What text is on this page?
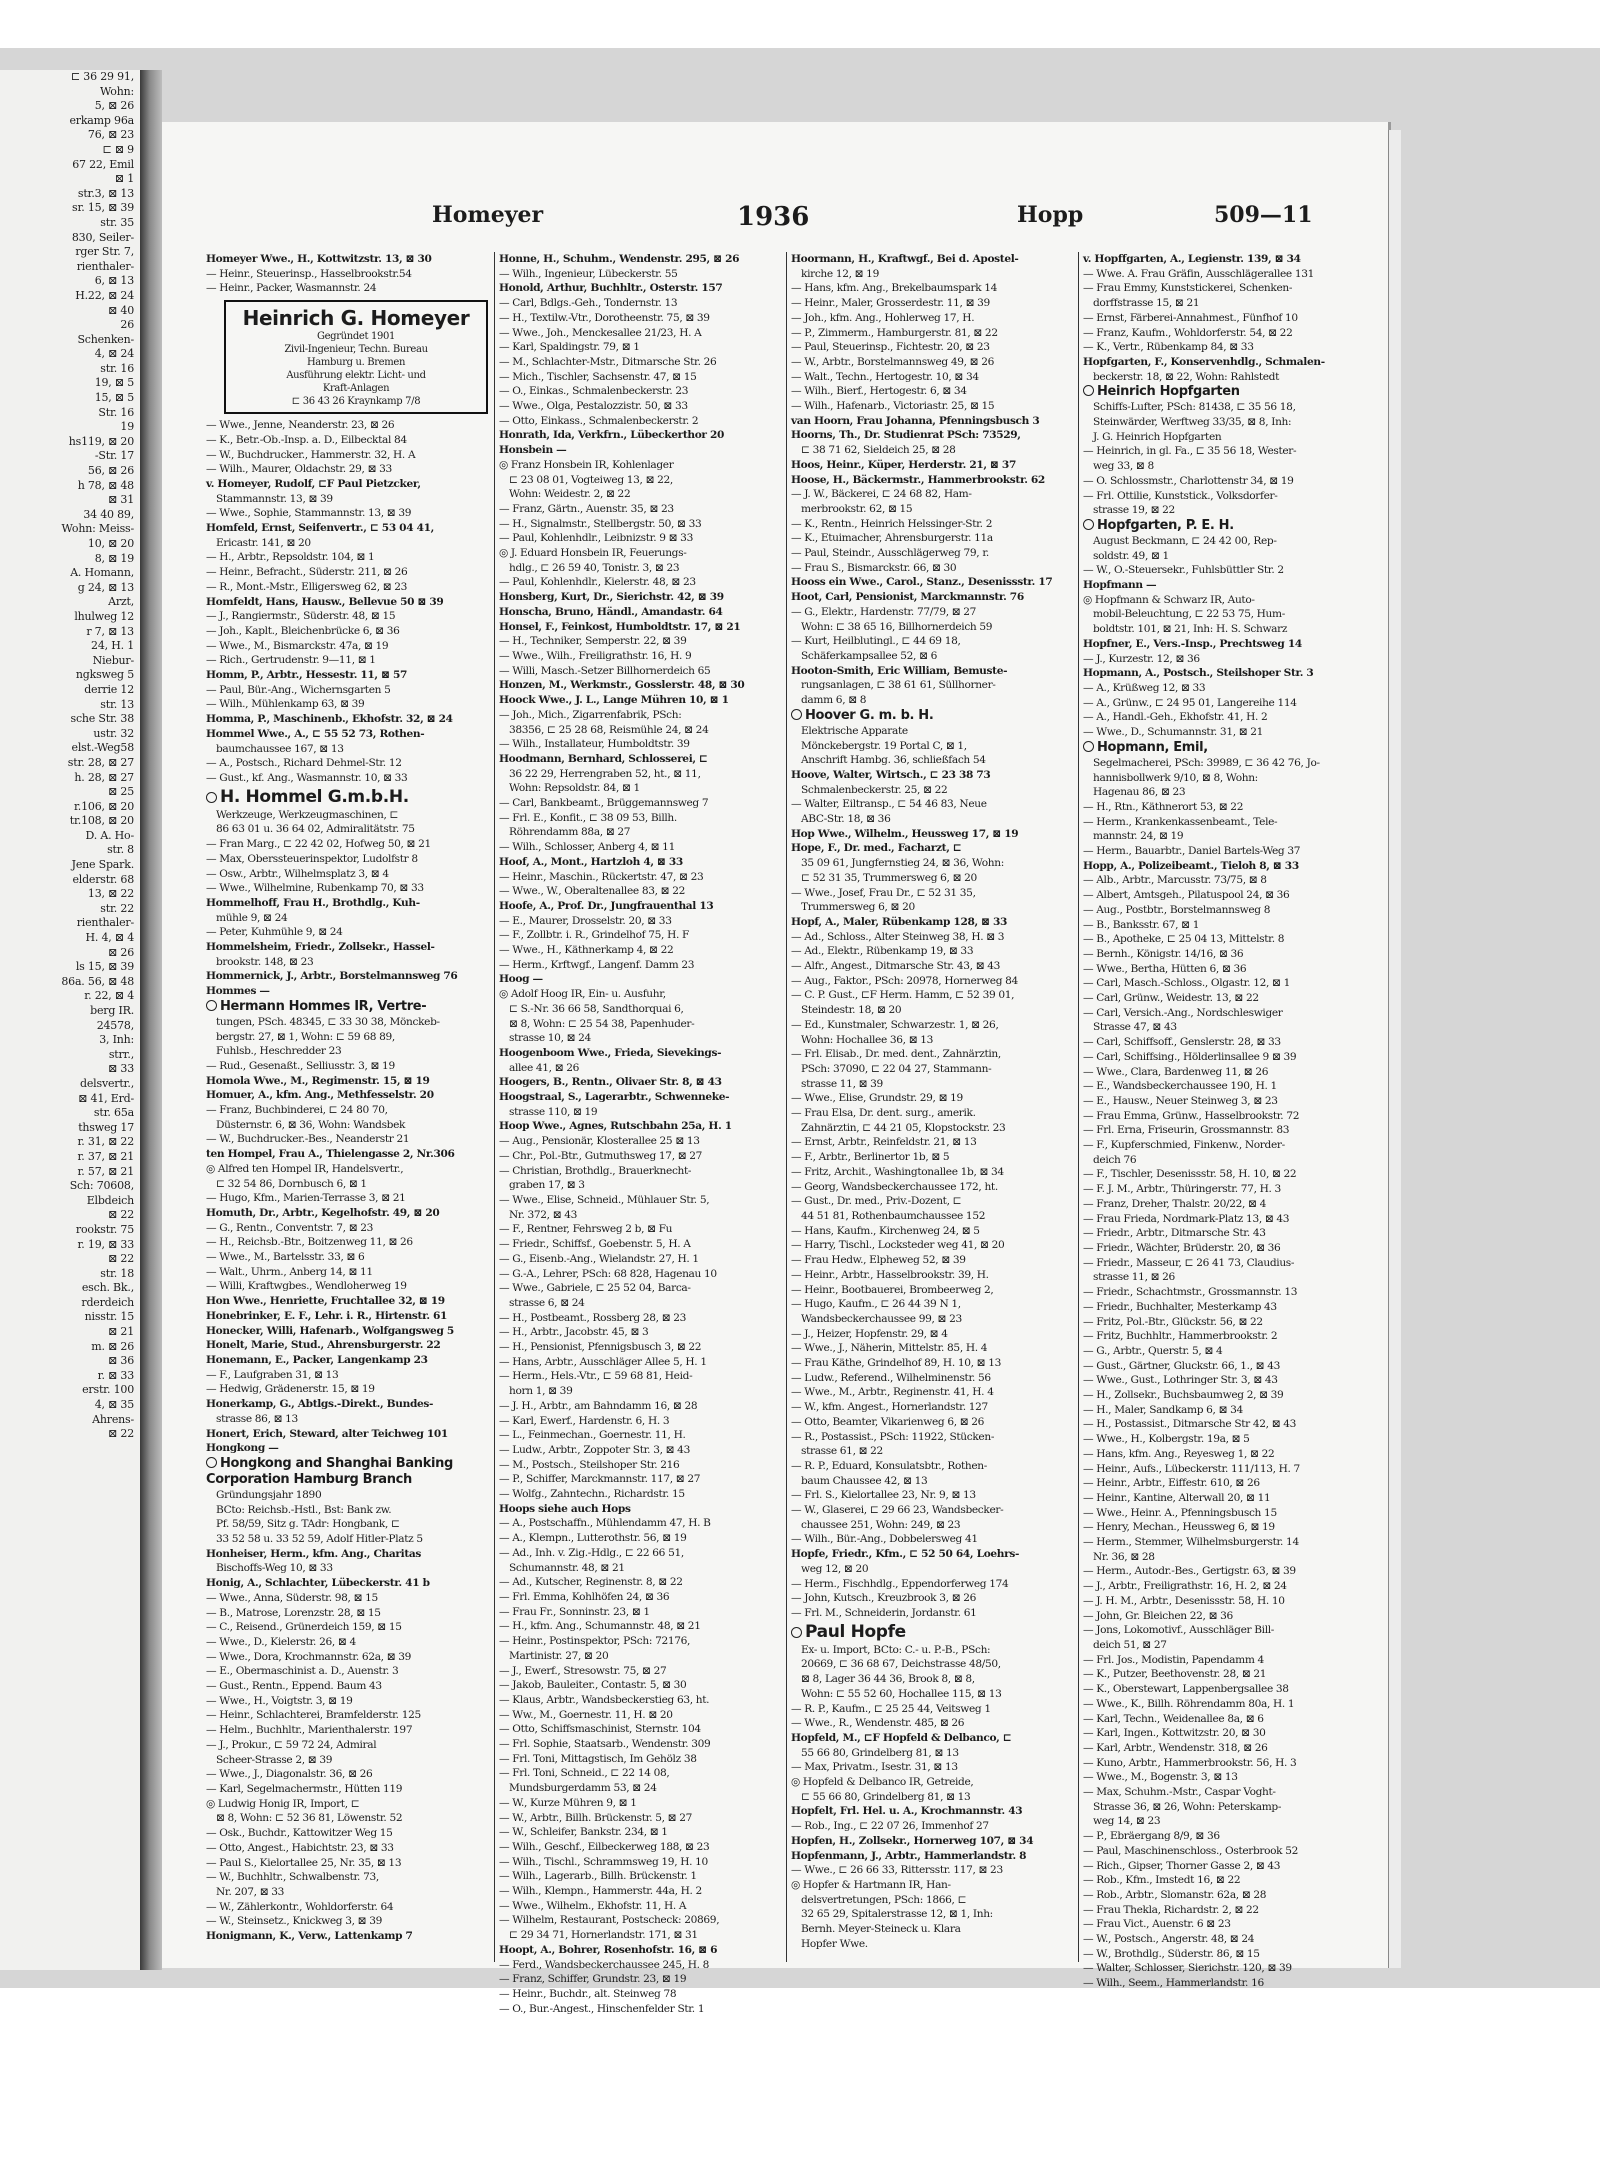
⊏ 36 29 91,
Wohn:
5, ⊠ 26
erkamp 96a
76, ⊠ 23
⊏ ⊠ 9
67 22, Emil
⊠ 1
str.3, ⊠ 13
sr. 15, ⊠ 39
str. 35
830, Seiler-
rger Str. 7,
rienthaler-
6, ⊠ 13
H.22, ⊠ 24
⊠ 40
26
Schenken-
4, ⊠ 24
str. 16
19, ⊠ 5
15, ⊠ 5
Str. 16
19
hs119, ⊠ 20
-Str. 17
56, ⊠ 26
h 78, ⊠ 48
⊠ 31
34 40 89,
Wohn: Meiss-
10, ⊠ 20
8, ⊠ 19
A. Homann,
g 24, ⊠ 13
Arzt,
lhulweg 12
r 7, ⊠ 13
24, H. 1
Niebur-
ngksweg 5
derrie 12
str. 13
sche Str. 38
ustr. 32
elst.-Weg58
str. 28, ⊠ 27
h. 28, ⊠ 27
⊠ 25
r.106, ⊠ 20
tr.108, ⊠ 20
D. A. Ho-
str. 8
Jene Spark.
elderstr. 68
13, ⊠ 22
str. 22
rienthaler-
H. 4, ⊠ 4
⊠ 26
ls 15, ⊠ 39
86a. 56, ⊠ 48
r. 22, ⊠ 4
berg IR.
24578,
3, Inh:
strr.,
⊠ 33
delsvertr.,
⊠ 41, Erd-
str. 65a
thsweg 17
r. 31, ⊠ 22
r. 37, ⊠ 21
r. 57, ⊠ 21
Sch: 70608,
Elbdeich
⊠ 22
rookstr. 75
r. 19, ⊠ 33
⊠ 22
str. 18
esch. Bk.,
rderdeich
nisstr. 15
⊠ 21
m. ⊠ 26
⊠ 36
r. ⊠ 33
erstr. 100
4, ⊠ 35
Ahrens-
⊠ 22
Homeyer	1936	Hopp	509—11
Homeyer Wwe., H., Kottwitzstr. 13, ⊠ 30
— Heinr., Steuerinsp., Hasselbrookstr.54
— Heinr., Packer, Wasmannstr. 24
Heinrich G. Homeyer
Gegründet 1901
Zivil-Ingenieur, Techn. Bureau
Hamburg u. Bremen
Ausführung elektr. Licht- und
Kraft-Anlagen
⊏ 36 43 26 Kraynkamp 7/8
— Wwe., Jenne, Neanderstr. 23, ⊠ 26
— K., Betr.-Ob.-Insp. a. D., Eilbecktal 84
— W., Buchdrucker., Hammerstr. 32, H. A
— Wilh., Maurer, Oldachstr. 29, ⊠ 33
v. Homeyer, Rudolf, ⊏F Paul Pietzcker,
Stammannstr. 13, ⊠ 39
— Wwe., Sophie, Stammannstr. 13, ⊠ 39
Homfeld, Ernst, Seifenvertr., ⊏ 53 04 41,
Ericastr. 141, ⊠ 20
— H., Arbtr., Repsoldstr. 104, ⊠ 1
— Heinr., Befracht., Süderstr. 211, ⊠ 26
— R., Mont.-Mstr., Elligersweg 62, ⊠ 23
Homfeldt, Hans, Hausw., Bellevue 50 ⊠ 39
— J., Rangiermstr., Süderstr. 48, ⊠ 15
— Joh., Kaplt., Bleichenbrücke 6, ⊠ 36
— Wwe., M., Bismarckstr. 47a, ⊠ 19
— Rich., Gertrudenstr. 9—11, ⊠ 1
Homm, P., Arbtr., Hessestr. 11, ⊠ 57
— Paul, Bür.-Ang., Wichernsgarten 5
— Wilh., Mühlenkamp 63, ⊠ 39
Homma, P., Maschinenb., Ekhofstr. 32, ⊠ 24
Hommel Wwe., A., ⊏ 55 52 73, Rothen-
baumchaussee 167, ⊠ 13
— A., Postsch., Richard Dehmel-Str. 12
— Gust., kf. Ang., Wasmannstr. 10, ⊠ 33
H. Hommel G.m.b.H.
Werkzeuge, Werkzeugmaschinen, ⊏
86 63 01 u. 36 64 02, Admiralitätstr. 75
— Fran Marg., ⊏ 22 42 02, Hofweg 50, ⊠ 21
— Max, Oberssteuerinspektor, Ludolfstr 8
— Osw., Arbtr., Wilhelmsplatz 3, ⊠ 4
— Wwe., Wilhelmine, Rubenkamp 70, ⊠ 33
Hommelhoff, Frau H., Brothdlg., Kuh-
mühle 9, ⊠ 24
— Peter, Kuhmühle 9, ⊠ 24
Hommelsheim, Friedr., Zollsekr., Hassel-
brookstr. 148, ⊠ 23
Hommernick, J., Arbtr., Borstelmannsweg 76
Hommes —
Hermann Hommes IR, Vertre-
tungen, PSch. 48345, ⊏ 33 30 38, Mönckeb-
bergstr. 27, ⊠ 1, Wohn: ⊏ 59 68 89,
Fuhlsb., Heschredder 23
— Rud., Gesenaßt., Selliusstr. 3, ⊠ 19
Homola Wwe., M., Regimenstr. 15, ⊠ 19
Homuer, A., kfm. Ang., Methfesselstr. 20
— Franz, Buchbinderei, ⊏ 24 80 70,
Düsternstr. 6, ⊠ 36, Wohn: Wandsbek
— W., Buchdrucker.-Bes., Neanderstr 21
ten Hompel, Frau A., Thielengasse 2, Nr.306
◎ Alfred ten Hompel IR, Handelsvertr.,
⊏ 32 54 86, Dornbusch 6, ⊠ 1
— Hugo, Kfm., Marien-Terrasse 3, ⊠ 21
Homuth, Dr., Arbtr., Kegelhofstr. 49, ⊠ 20
— G., Rentn., Conventstr. 7, ⊠ 23
— H., Reichsb.-Btr., Boitzenweg 11, ⊠ 26
— Wwe., M., Bartelsstr. 33, ⊠ 6
— Walt., Uhrm., Anberg 14, ⊠ 11
— Willi, Kraftwgbes., Wendloherweg 19
Hon Wwe., Henriette, Fruchtallee 32, ⊠ 19
Honebrinker, E. F., Lehr. i. R., Hirtenstr. 61
Honecker, Willi, Hafenarb., Wolfgangsweg 5
Honelt, Marie, Stud., Ahrensburgerstr. 22
Honemann, E., Packer, Langenkamp 23
— F., Laufgraben 31, ⊠ 13
— Hedwig, Grädenerstr. 15, ⊠ 19
Honerkamp, G., Abtlgs.-Direkt., Bundes-
strasse 86, ⊠ 13
Honert, Erich, Steward, alter Teichweg 101
Hongkong —
Hongkong and Shanghai Banking Corporation Hamburg Branch
Gründungsjahr 1890
BCto: Reichsb.-Hstl., Bst: Bank zw.
Pf. 58/59, Sitz g. TAdr: Hongbank, ⊏
33 52 58 u. 33 52 59, Adolf Hitler-Platz 5
Honheiser, Herm., kfm. Ang., Charitas
Bischoffs-Weg 10, ⊠ 33
Honig, A., Schlachter, Lübeckerstr. 41 b
— Wwe., Anna, Süderstr. 98, ⊠ 15
— B., Matrose, Lorenzstr. 28, ⊠ 15
— C., Reisend., Grünerdeich 159, ⊠ 15
— Wwe., D., Kielerstr. 26, ⊠ 4
— Wwe., Dora, Krochmannstr. 62a, ⊠ 39
— E., Obermaschinist a. D., Auenstr. 3
— Gust., Rentn., Eppend. Baum 43
— Wwe., H., Voigtstr. 3, ⊠ 19
— Heinr., Schlachterei, Bramfelderstr. 125
— Helm., Buchhltr., Marienthalerstr. 197
— J., Prokur., ⊏ 59 72 24, Admiral
Scheer-Strasse 2, ⊠ 39
— Wwe., J., Diagonalstr. 36, ⊠ 26
— Karl, Segelmachermstr., Hütten 119
◎ Ludwig Honig IR, Import, ⊏
⊠ 8, Wohn: ⊏ 52 36 81, Löwenstr. 52
— Osk., Buchdr., Kattowitzer Weg 15
— Otto, Angest., Habichtstr. 23, ⊠ 33
— Paul S., Kielortallee 25, Nr. 35, ⊠ 13
— W., Buchhltr., Schwalbenstr. 73,
Nr. 207, ⊠ 33
— W., Zählerkontr., Wohldorferstr. 64
— W., Steinsetz., Knickweg 3, ⊠ 39
Honigmann, K., Verw., Lattenkamp 7
Honne, H., Schuhm., Wendenstr. 295, ⊠ 26
— Wilh., Ingenieur, Lübeckerstr. 55
Honold, Arthur, Buchhltr., Osterstr. 157
— Carl, Bdlgs.-Geh., Tondernstr. 13
— H., Textilw.-Vtr., Dorotheenstr. 75, ⊠ 39
— Wwe., Joh., Menckesallee 21/23, H. A
— Karl, Spaldingstr. 79, ⊠ 1
— M., Schlachter-Mstr., Ditmarsche Str. 26
— Mich., Tischler, Sachsenstr. 47, ⊠ 15
— O., Einkas., Schmalenbeckerstr. 23
— Wwe., Olga, Pestalozzistr. 50, ⊠ 33
— Otto, Einkass., Schmalenbeckerstr. 2
Honrath, Ida, Verkfrn., Lübeckerthor 20
Honsbein —
◎ Franz Honsbein IR, Kohlenlager
⊏ 23 08 01, Vogteiweg 13, ⊠ 22,
Wohn: Weidestr. 2, ⊠ 22
— Franz, Gärtn., Auenstr. 35, ⊠ 23
— H., Signalmstr., Stellbergstr. 50, ⊠ 33
— Paul, Kohlenhdlr., Leibnizstr. 9 ⊠ 33
◎ J. Eduard Honsbein IR, Feuerungs-
hdlg., ⊏ 26 59 40, Tonistr. 3, ⊠ 23
— Paul, Kohlenhdlr., Kielerstr. 48, ⊠ 23
Honsberg, Kurt, Dr., Sierichstr. 42, ⊠ 39
Honscha, Bruno, Händl., Amandastr. 64
Honsel, F., Feinkost, Humboldtstr. 17, ⊠ 21
— H., Techniker, Semperstr. 22, ⊠ 39
— Wwe., Wilh., Freiligrathstr. 16, H. 9
— Willi, Masch.-Setzer Billhornerdeich 65
Honzen, M., Werkmstr., Gosslerstr. 48, ⊠ 30
Hoock Wwe., J. L., Lange Mühren 10, ⊠ 1
— Joh., Mich., Zigarrenfabrik, PSch:
38356, ⊏ 25 28 68, Reismühle 24, ⊠ 24
— Wilh., Installateur, Humboldtstr. 39
Hoodmann, Bernhard, Schlosserei, ⊏
36 22 29, Herrengraben 52, ht., ⊠ 11,
Wohn: Repsoldstr. 84, ⊠ 1
— Carl, Bankbeamt., Brüggemannsweg 7
— Frl. E., Konfit., ⊏ 38 09 53, Billh.
Röhrendamm 88a, ⊠ 27
— Wilh., Schlosser, Anberg 4, ⊠ 11
Hoof, A., Mont., Hartzloh 4, ⊠ 33
— Heinr., Maschin., Rückertstr. 47, ⊠ 23
— Wwe., W., Oberaltenallee 83, ⊠ 22
Hoofe, A., Prof. Dr., Jungfrauenthal 13
— E., Maurer, Drosselstr. 20, ⊠ 33
— F., Zollbtr. i. R., Grindelhof 75, H. F
— Wwe., H., Käthnerkamp 4, ⊠ 22
— Herm., Krftwgf., Langenf. Damm 23
Hoog —
◎ Adolf Hoog IR, Ein- u. Ausfuhr,
⊏ S.-Nr. 36 66 58, Sandthorquai 6,
⊠ 8, Wohn: ⊏ 25 54 38, Papenhuder-
strasse 10, ⊠ 24
Hoogenboom Wwe., Frieda, Sievekings-
allee 41, ⊠ 26
Hoogers, B., Rentn., Olivaer Str. 8, ⊠ 43
Hoogstraal, S., Lagerarbtr., Schwenneke-
strasse 110, ⊠ 19
Hoop Wwe., Agnes, Rutschbahn 25a, H. 1
— Aug., Pensionär, Klosterallee 25 ⊠ 13
— Chr., Pol.-Btr., Gutmuthsweg 17, ⊠ 27
— Christian, Brothdlg., Brauerknecht-
graben 17, ⊠ 3
— Wwe., Elise, Schneid., Mühlauer Str. 5,
Nr. 372, ⊠ 43
— F., Rentner, Fehrsweg 2 b, ⊠ Fu
— Friedr., Schiffsf., Goebenstr. 5, H. A
— G., Eisenb.-Ang., Wielandstr. 27, H. 1
— G.-A., Lehrer, PSch: 68 828, Hagenau 10
— Wwe., Gabriele, ⊏ 25 52 04, Barca-
strasse 6, ⊠ 24
— H., Postbeamt., Rossberg 28, ⊠ 23
— H., Arbtr., Jacobstr. 45, ⊠ 3
— H., Pensionist, Pfennigsbusch 3, ⊠ 22
— Hans, Arbtr., Ausschläger Allee 5, H. 1
— Herm., Hels.-Vtr., ⊏ 59 68 81, Heid-
horn 1, ⊠ 39
— J. H., Arbtr., am Bahndamm 16, ⊠ 28
— Karl, Ewerf., Hardenstr. 6, H. 3
— L., Feinmechan., Goernestr. 11, H.
— Ludw., Arbtr., Zoppoter Str. 3, ⊠ 43
— M., Postsch., Steilshoper Str. 216
— P., Schiffer, Marckmannstr. 117, ⊠ 27
— Wolfg., Zahntechn., Richardstr. 15
Hoops siehe auch Hops
— A., Postschaffn., Mühlendamm 47, H. B
— A., Klempn., Lutterothstr. 56, ⊠ 19
— Ad., Inh. v. Zig.-Hdlg., ⊏ 22 66 51,
Schumannstr. 48, ⊠ 21
— Ad., Kutscher, Reginenstr. 8, ⊠ 22
— Frl. Emma, Kohlhöfen 24, ⊠ 36
— Frau Fr., Sonninstr. 23, ⊠ 1
— H., kfm. Ang., Schumannstr. 48, ⊠ 21
— Heinr., Postinspektor, PSch: 72176,
Martinistr. 27, ⊠ 20
— J., Ewerf., Stresowstr. 75, ⊠ 27
— Jakob, Bauleiter., Contastr. 5, ⊠ 30
— Klaus, Arbtr., Wandsbeckerstieg 63, ht.
— Ww., M., Goernestr. 11, H. ⊠ 20
— Otto, Schiffsmaschinist, Sternstr. 104
— Frl. Sophie, Staatsarb., Wendenstr. 309
— Frl. Toni, Mittagstisch, Im Gehölz 38
— Frl. Toni, Schneid., ⊏ 22 14 08,
Mundsburgerdamm 53, ⊠ 24
— W., Kurze Mühren 9, ⊠ 1
— W., Arbtr., Billh. Brückenstr. 5, ⊠ 27
— W., Schleifer, Bankstr. 234, ⊠ 1
— Wilh., Geschf., Eilbeckerweg 188, ⊠ 23
— Wilh., Tischl., Schrammsweg 19, H. 10
— Wilh., Lagerarb., Billh. Brückenstr. 1
— Wilh., Klempn., Hammerstr. 44a, H. 2
— Wwe., Wilhelm., Ekhofstr. 11, H. A
— Wilhelm, Restaurant, Postscheck: 20869,
⊏ 29 34 71, Hornerlandstr. 171, ⊠ 31
Hoopt, A., Bohrer, Rosenhofstr. 16, ⊠ 6
— Ferd., Wandsbeckerchaussee 245, H. 8
— Franz, Schiffer, Grundstr. 23, ⊠ 19
— Heinr., Buchdr., alt. Steinweg 78
— O., Bur.-Angest., Hinschenfelder Str. 1
Hoormann, H., Kraftwgf., Bei d. Apostel-
kirche 12, ⊠ 19
— Hans, kfm. Ang., Brekelbaumspark 14
— Heinr., Maler, Grosserdestr. 11, ⊠ 39
— Joh., kfm. Ang., Hohlerweg 17, H.
— P., Zimmerm., Hamburgerstr. 81, ⊠ 22
— Paul, Steuerinsp., Fichtestr. 20, ⊠ 23
— W., Arbtr., Borstelmannsweg 49, ⊠ 26
— Walt., Techn., Hertogestr. 10, ⊠ 34
— Wilh., Bierf., Hertogestr. 6, ⊠ 34
— Wilh., Hafenarb., Victoriastr. 25, ⊠ 15
van Hoorn, Frau Johanna, Pfenningsbusch 3
Hoorns, Th., Dr. Studienrat PSch: 73529,
⊏ 38 71 62, Sieldeich 25, ⊠ 28
Hoos, Heinr., Küper, Herderstr. 21, ⊠ 37
Hoose, H., Bäckermstr., Hammerbrookstr. 62
— J. W., Bäckerei, ⊏ 24 68 82, Ham-
merbrookstr. 62, ⊠ 15
— K., Rentn., Heinrich Helssinger-Str. 2
— K., Etuimacher, Ahrensburgerstr. 11a
— Paul, Steindr., Ausschlägerweg 79, r.
— Frau S., Bismarckstr. 66, ⊠ 30
Hooss ein Wwe., Carol., Stanz., Desenissstr. 17
Hoot, Carl, Pensionist, Marckmannstr. 76
— G., Elektr., Hardenstr. 77/79, ⊠ 27
Wohn: ⊏ 38 65 16, Billhornerdeich 59
— Kurt, Heilblutingl., ⊏ 44 69 18,
Schäferkampsallee 52, ⊠ 6
Hooton-Smith, Eric William, Bemuste-
rungsanlagen, ⊏ 38 61 61, Süllhorner-
damm 6, ⊠ 8
Hoover G. m. b. H.
Elektrische Apparate
Mönckebergstr. 19 Portal C, ⊠ 1,
Anschrift Hambg. 36, schließfach 54
Hoove, Walter, Wirtsch., ⊏ 23 38 73
Schmalenbeckerstr. 25, ⊠ 22
— Walter, Eiltransp., ⊏ 54 46 83, Neue
ABC-Str. 18, ⊠ 36
Hop Wwe., Wilhelm., Heussweg 17, ⊠ 19
Hope, F., Dr. med., Facharzt, ⊏
35 09 61, Jungfernstieg 24, ⊠ 36, Wohn:
⊏ 52 31 35, Trummersweg 6, ⊠ 20
— Wwe., Josef, Frau Dr., ⊏ 52 31 35,
Trummersweg 6, ⊠ 20
Hopf, A., Maler, Rübenkamp 128, ⊠ 33
— Ad., Schloss., Alter Steinweg 38, H. ⊠ 3
— Ad., Elektr., Rübenkamp 19, ⊠ 33
— Alfr., Angest., Ditmarsche Str. 43, ⊠ 43
— Aug., Faktor., PSch: 20978, Hornerweg 84
— C. P. Gust., ⊏F Herm. Hamm, ⊏ 52 39 01,
Steindestr. 18, ⊠ 20
— Ed., Kunstmaler, Schwarzestr. 1, ⊠ 26,
Wohn: Hochallee 36, ⊠ 13
— Frl. Elisab., Dr. med. dent., Zahnärztin,
PSch: 37090, ⊏ 22 04 27, Stammann-
strasse 11, ⊠ 39
— Wwe., Elise, Grundstr. 29, ⊠ 19
— Frau Elsa, Dr. dent. surg., amerik.
Zahnärztin, ⊏ 44 21 05, Klopstockstr. 23
— Ernst, Arbtr., Reinfeldstr. 21, ⊠ 13
— F., Arbtr., Berlinertor 1b, ⊠ 5
— Fritz, Archit., Washingtonallee 1b, ⊠ 34
— Georg, Wandsbeckerchaussee 172, ht.
— Gust., Dr. med., Priv.-Dozent, ⊏
44 51 81, Rothenbaumchaussee 152
— Hans, Kaufm., Kirchenweg 24, ⊠ 5
— Harry, Tischl., Locksteder weg 41, ⊠ 20
— Frau Hedw., Elpheweg 52, ⊠ 39
— Heinr., Arbtr., Hasselbrookstr. 39, H.
— Heinr., Bootbauerei, Brombeerweg 2,
— Hugo, Kaufm., ⊏ 26 44 39 N 1,
Wandsbeckerchaussee 99, ⊠ 23
— J., Heizer, Hopfenstr. 29, ⊠ 4
— Wwe., J., Näherin, Mittelstr. 85, H. 4
— Frau Käthe, Grindelhof 89, H. 10, ⊠ 13
— Ludw., Referend., Wilhelminenstr. 56
— Wwe., M., Arbtr., Reginenstr. 41, H. 4
— W., kfm. Angest., Hornerlandstr. 127
— Otto, Beamter, Vikarienweg 6, ⊠ 26
— R., Postassist., PSch: 11922, Stücken-
strasse 61, ⊠ 22
— R. P., Eduard, Konsulatsbtr., Rothen-
baum Chaussee 42, ⊠ 13
— Frl. S., Kielortallee 23, Nr. 9, ⊠ 13
— W., Glaserei, ⊏ 29 66 23, Wandsbecker-
chaussee 251, Wohn: 249, ⊠ 23
— Wilh., Bür.-Ang., Dobbelersweg 41
Hopfe, Friedr., Kfm., ⊏ 52 50 64, Loehrs-
weg 12, ⊠ 20
— Herm., Fischhdlg., Eppendorferweg 174
— John, Kutsch., Kreuzbrook 3, ⊠ 26
— Frl. M., Schneiderin, Jordanstr. 61
Paul Hopfe
Ex- u. Import, BCto: C.- u. P.-B., PSch:
20669, ⊏ 36 68 67, Deichstrasse 48/50,
⊠ 8, Lager 36 44 36, Brook 8, ⊠ 8,
Wohn: ⊏ 55 52 60, Hochallee 115, ⊠ 13
— R. P., Kaufm., ⊏ 25 25 44, Veitsweg 1
— Wwe., R., Wendenstr. 485, ⊠ 26
Hopfeld, M., ⊏F Hopfeld & Delbanco, ⊏
55 66 80, Grindelberg 81, ⊠ 13
— Max, Privatm., Isestr. 31, ⊠ 13
◎ Hopfeld & Delbanco IR, Getreide,
⊏ 55 66 80, Grindelberg 81, ⊠ 13
Hopfelt, Frl. Hel. u. A., Krochmannstr. 43
— Rob., Ing., ⊏ 22 07 26, Immenhof 27
Hopfen, H., Zollsekr., Hornerweg 107, ⊠ 34
Hopfenmann, J., Arbtr., Hammerlandstr. 8
— Wwe., ⊏ 26 66 33, Rittersstr. 117, ⊠ 23
◎ Hopfer & Hartmann IR, Han-
delsvertretungen, PSch: 1866, ⊏
32 65 29, Spitalerstrasse 12, ⊠ 1, Inh:
Bernh. Meyer-Steineck u. Klara
Hopfer Wwe.
v. Hopffgarten, A., Legienstr. 139, ⊠ 34
— Wwe. A. Frau Gräfin, Ausschlägerallee 131
— Frau Emmy, Kunststickerei, Schenken-
dorffstrasse 15, ⊠ 21
— Ernst, Färberei-Annahmest., Fünfhof 10
— Franz, Kaufm., Wohldorferstr. 54, ⊠ 22
— K., Vertr., Rübenkamp 84, ⊠ 33
Hopfgarten, F., Konservenhdlg., Schmalen-
beckerstr. 18, ⊠ 22, Wohn: Rahlstedt
Heinrich Hopfgarten
Schiffs-Lufter, PSch: 81438, ⊏ 35 56 18,
Steinwärder, Werftweg 33/35, ⊠ 8, Inh:
J. G. Heinrich Hopfgarten
— Heinrich, in gl. Fa., ⊏ 35 56 18, Wester-
weg 33, ⊠ 8
— O. Schlossmstr., Charlottenstr 34, ⊠ 19
— Frl. Ottilie, Kunststick., Volksdorfer-
strasse 19, ⊠ 22
Hopfgarten, P. E. H.
August Beckmann, ⊏ 24 42 00, Rep-
soldstr. 49, ⊠ 1
— W., O.-Steuersekr., Fuhlsbüttler Str. 2
Hopfmann —
◎ Hopfmann & Schwarz IR, Auto-
mobil-Beleuchtung, ⊏ 22 53 75, Hum-
boldtstr. 101, ⊠ 21, Inh: H. S. Schwarz
Hopfner, E., Vers.-Insp., Prechtsweg 14
— J., Kurzestr. 12, ⊠ 36
Hopmann, A., Postsch., Steilshoper Str. 3
— A., Krüßweg 12, ⊠ 33
— A., Grünw., ⊏ 24 95 01, Langereihe 114
— A., Handl.-Geh., Ekhofstr. 41, H. 2
— Wwe., D., Schumannstr. 31, ⊠ 21
Hopmann, Emil,
Segelmacherei, PSch: 39989, ⊏ 36 42 76, Jo-
hannisbollwerk 9/10, ⊠ 8, Wohn:
Hagenau 86, ⊠ 23
— H., Rtn., Käthnerort 53, ⊠ 22
— Herm., Krankenkassenbeamt., Tele-
mannstr. 24, ⊠ 19
— Herm., Bauarbtr., Daniel Bartels-Weg 37
Hopp, A., Polizeibeamt., Tieloh 8, ⊠ 33
— Alb., Arbtr., Marcusstr. 73/75, ⊠ 8
— Albert, Amtsgeh., Pilatuspool 24, ⊠ 36
— Aug., Postbtr., Borstelmannsweg 8
— B., Banksstr. 67, ⊠ 1
— B., Apotheke, ⊏ 25 04 13, Mittelstr. 8
— Bernh., Königstr. 14/16, ⊠ 36
— Wwe., Bertha, Hütten 6, ⊠ 36
— Carl, Masch.-Schloss., Olgastr. 12, ⊠ 1
— Carl, Grünw., Weidestr. 13, ⊠ 22
— Carl, Versich.-Ang., Nordschleswiger
Strasse 47, ⊠ 43
— Carl, Schiffsoff., Genslerstr. 28, ⊠ 33
— Carl, Schiffsing., Hölderlinsallee 9 ⊠ 39
— Wwe., Clara, Bardenweg 11, ⊠ 26
— E., Wandsbeckerchaussee 190, H. 1
— E., Hausw., Neuer Steinweg 3, ⊠ 23
— Frau Emma, Grünw., Hasselbrookstr. 72
— Frl. Erna, Friseurin, Grossmannstr. 83
— F., Kupferschmied, Finkenw., Norder-
deich 76
— F., Tischler, Desenissstr. 58, H. 10, ⊠ 22
— F. J. M., Arbtr., Thüringerstr. 77, H. 3
— Franz, Dreher, Thalstr. 20/22, ⊠ 4
— Frau Frieda, Nordmark-Platz 13, ⊠ 43
— Friedr., Arbtr., Ditmarsche Str. 43
— Friedr., Wächter, Brüderstr. 20, ⊠ 36
— Friedr., Masseur, ⊏ 26 41 73, Claudius-
strasse 11, ⊠ 26
— Friedr., Schachtmstr., Grossmannstr. 13
— Friedr., Buchhalter, Mesterkamp 43
— Fritz, Pol.-Btr., Glückstr. 56, ⊠ 22
— Fritz, Buchhltr., Hammerbrookstr. 2
— G., Arbtr., Querstr. 5, ⊠ 4
— Gust., Gärtner, Gluckstr. 66, 1., ⊠ 43
— Wwe., Gust., Lothringer Str. 3, ⊠ 43
— H., Zollsekr., Buchsbaumweg 2, ⊠ 39
— H., Maler, Sandkamp 6, ⊠ 34
— H., Postassist., Ditmarsche Str 42, ⊠ 43
— Wwe., H., Kolbergstr. 19a, ⊠ 5
— Hans, kfm. Ang., Reyesweg 1, ⊠ 22
— Heinr., Aufs., Lübeckerstr. 111/113, H. 7
— Heinr., Arbtr., Eiffestr. 610, ⊠ 26
— Heinr., Kantine, Alterwall 20, ⊠ 11
— Wwe., Heinr. A., Pfenningsbusch 15
— Henry, Mechan., Heussweg 6, ⊠ 19
— Herm., Stemmer, Wilhelmsburgerstr. 14
Nr. 36, ⊠ 28
— Herm., Autodr.-Bes., Gertigstr. 63, ⊠ 39
— J., Arbtr., Freiligrathstr. 16, H. 2, ⊠ 24
— J. H. M., Arbtr., Desenissstr. 58, H. 10
— John, Gr. Bleichen 22, ⊠ 36
— Jons, Lokomotivf., Ausschläger Bill-
deich 51, ⊠ 27
— Frl. Jos., Modistin, Papendamm 4
— K., Putzer, Beethovenstr. 28, ⊠ 21
— K., Oberstewart, Lappenbergsallee 38
— Wwe., K., Billh. Röhrendamm 80a, H. 1
— Karl, Techn., Weidenallee 8a, ⊠ 6
— Karl, Ingen., Kottwitzstr. 20, ⊠ 30
— Karl, Arbtr., Wendenstr. 318, ⊠ 26
— Kuno, Arbtr., Hammerbrookstr. 56, H. 3
— Wwe., M., Bogenstr. 3, ⊠ 13
— Max, Schuhm.-Mstr., Caspar Voght-
Strasse 36, ⊠ 26, Wohn: Peterskamp-
weg 14, ⊠ 23
— P., Ebräergang 8/9, ⊠ 36
— Paul, Maschinenschloss., Osterbrook 52
— Rich., Gipser, Thorner Gasse 2, ⊠ 43
— Rob., Kfm., Imstedt 16, ⊠ 22
— Rob., Arbtr., Slomanstr. 62a, ⊠ 28
— Frau Thekla, Richardstr. 2, ⊠ 22
— Frau Vict., Auenstr. 6 ⊠ 23
— W., Postsch., Angerstr. 48, ⊠ 24
— W., Brothdlg., Süderstr. 86, ⊠ 15
— Walter, Schlosser, Sierichstr. 120, ⊠ 39
— Wilh., Seem., Hammerlandstr. 16
